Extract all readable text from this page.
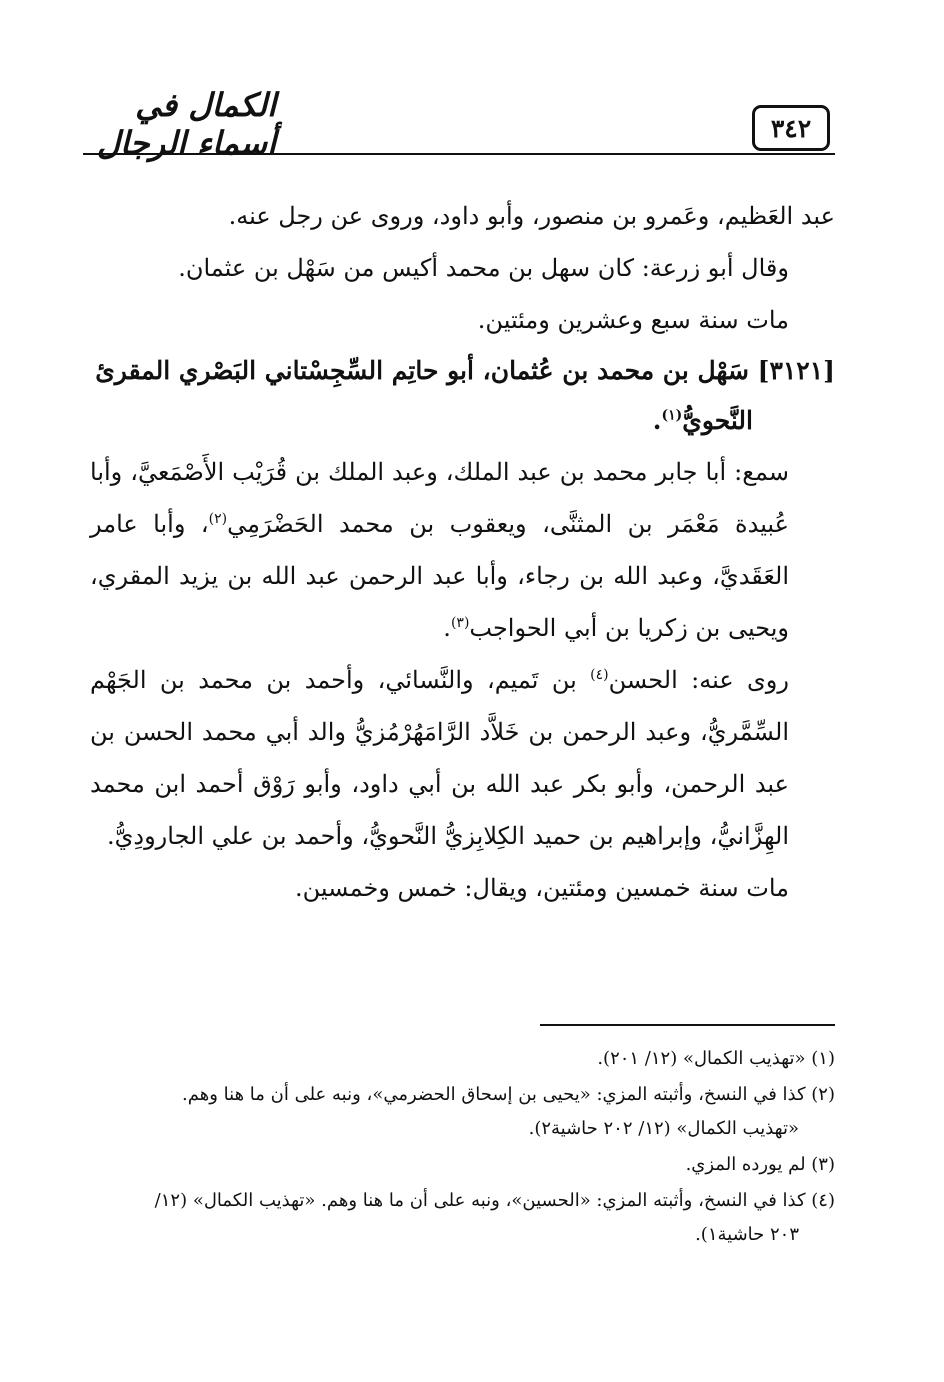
٣٤٢
الكمال في أسماء الرجال

عبد العَظيم، وعَمرو بن منصور، وأبو داود، وروى عن رجل عنه.

وقال أبو زرعة: كان سهل بن محمد أكيس من سَهْل بن عثمان.

مات سنة سبع وعشرين ومئتين.

[٣١٢١] سَهْل بن محمد بن عُثمان، أبو حاتِم السِّجِسْتاني البَصْري المقرئ
النَّحويُّ$^{(١)}$.

سمع: أبا جابر محمد بن عبد الملك، وعبد الملك بن قُرَيْب الأَصْمَعيَّ، وأبا عُبيدة مَعْمَر بن المثنَّى، ويعقوب بن محمد الحَضْرَمِي$^{(٢)}$، وأبا عامر العَقَديَّ، وعبد الله بن رجاء، وأبا عبد الرحمن عبد الله بن يزيد المقري، ويحيى بن زكريا بن أبي الحواجب$^{(٣)}$.

روى عنه: الحسن$^{(٤)}$ بن تَميم، والنَّسائي، وأحمد بن محمد بن الجَهْم السِّمَّريُّ، وعبد الرحمن بن خَلاَّد الرَّامَهُرْمُزيُّ والد أبي محمد الحسن بن عبد الرحمن، وأبو بكر عبد الله بن أبي داود، وأبو رَوْق أحمد ابن محمد الهِزَّانيُّ، وإبراهيم بن حميد الكِلابِزيُّ النَّحويُّ، وأحمد بن علي الجارودِيُّ.

مات سنة خمسين ومئتين، ويقال: خمس وخمسين.

(١) «تهذيب الكمال» (١٢/ ٢٠١).

(٢) كذا في النسخ، وأثبته المزي: «يحيى بن إسحاق الحضرمي»، ونبه على أن ما هنا وهم.
«تهذيب الكمال» (١٢/ ٢٠٢ حاشية٢).

(٣) لم يورده المزي.

(٤) كذا في النسخ، وأثبته المزي: «الحسين»، ونبه على أن ما هنا وهم. «تهذيب الكمال» (١٢/
٢٠٣ حاشية١).
